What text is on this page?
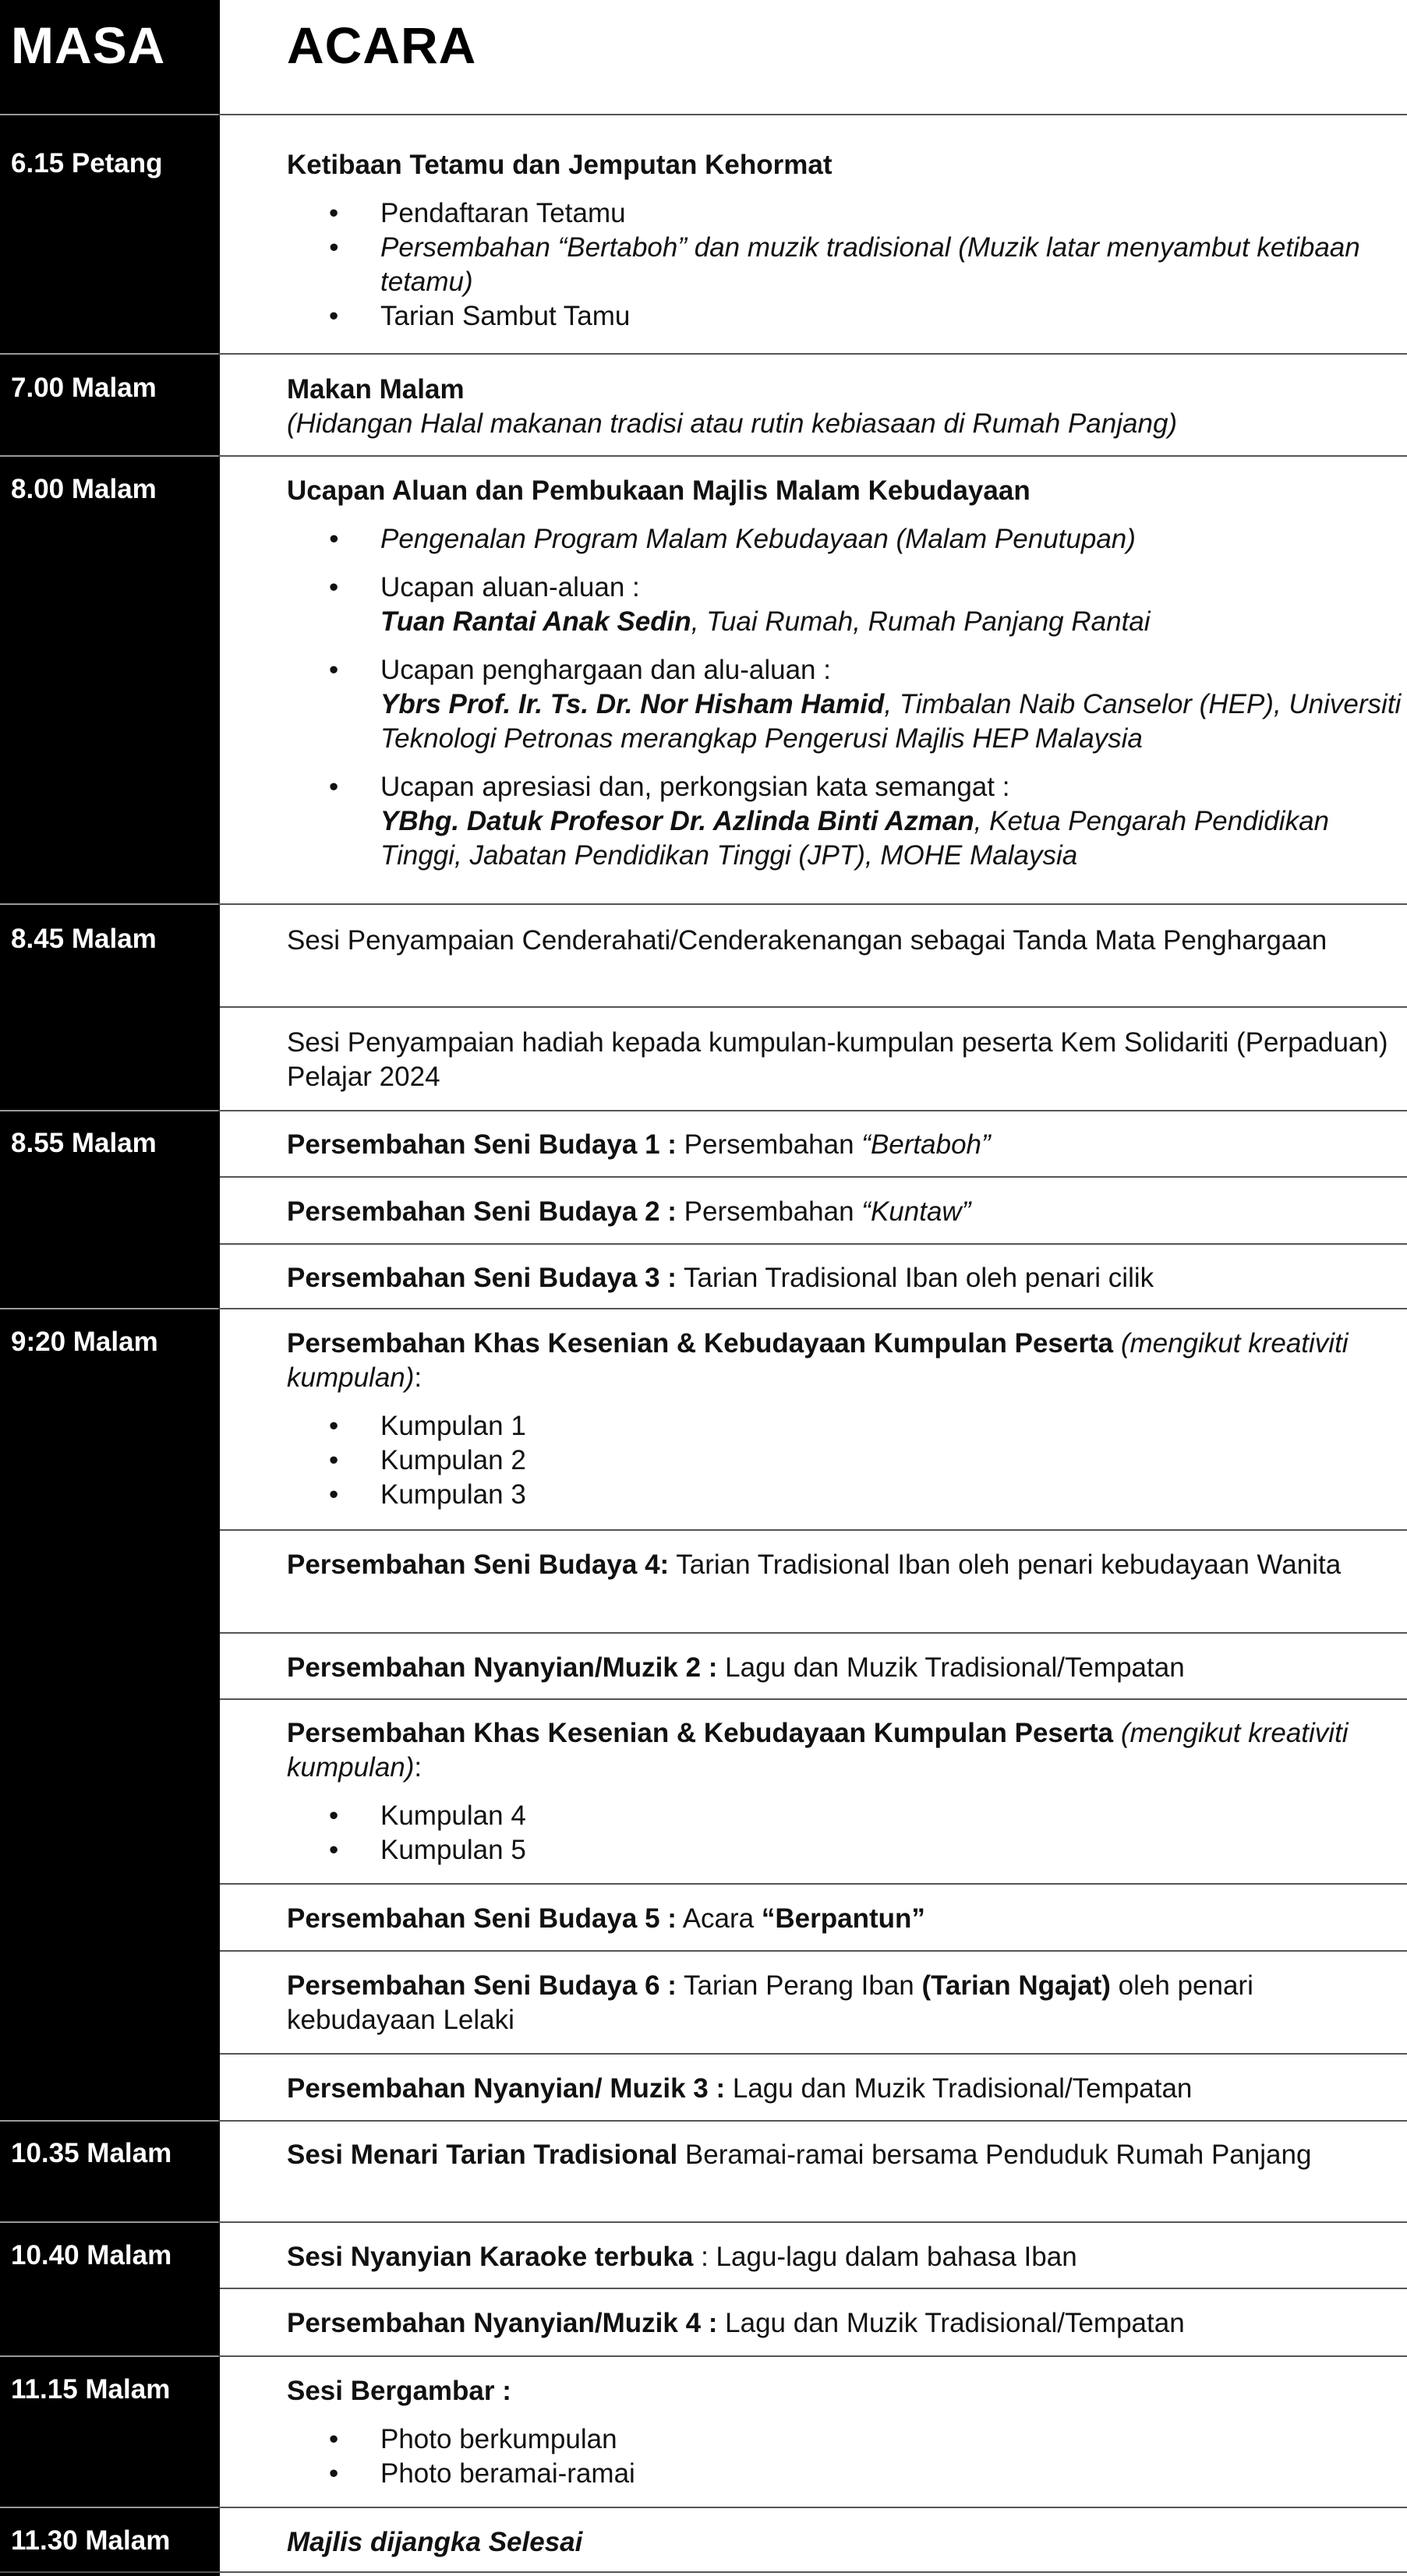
MASA ACARA
6.15 Petang	Ketibaan Tetamu dan Jemputan Kehormat

• Pendaftaran Tetamu
• Persembahan “Bertaboh” dan muzik tradisional (Muzik latar menyambut ketibaan tetamu)
• Tarian Sambut Tamu
7.00 Malam	Makan Malam

(Hidangan Halal makanan tradisi atau rutin kebiasaan di Rumah Panjang)

8.00 Malam	Ucapan Aluan dan Pembukaan Majlis Malam Kebudayaan

• Pengenalan Program Malam Kebudayaan (Malam Penutupan)
• Ucapan aluan-aluan :
Tuan Rantai Anak Sedin, Tuai Rumah, Rumah Panjang Rantai
• Ucapan penghargaan dan alu-aluan :
Ybrs Prof. Ir. Ts. Dr. Nor Hisham Hamid, Timbalan Naib Canselor (HEP), Universiti Teknologi Petronas merangkap Pengerusi Majlis HEP Malaysia
• Ucapan apresiasi dan, perkongsian kata semangat :
YBhg. Datuk Profesor Dr. Azlinda Binti Azman, Ketua Pengarah Pendidikan Tinggi, Jabatan Pendidikan Tinggi (JPT), MOHE Malaysia
8.45 Malam	Sesi Penyampaian Cenderahati/Cenderakenangan sebagai Tanda Mata Penghargaan
Sesi Penyampaian hadiah kepada kumpulan-kumpulan peserta Kem Solidariti (Perpaduan) Pelajar 2024
8.55 Malam	Persembahan Seni Budaya 1 : Persembahan “Bertaboh”
Persembahan Seni Budaya 2 : Persembahan “Kuntaw”
Persembahan Seni Budaya 3 : Tarian Tradisional Iban oleh penari cilik
9:20 Malam	Persembahan Khas Kesenian & Kebudayaan Kumpulan Peserta (mengikut kreativiti kumpulan):

• Kumpulan 1
• Kumpulan 2
• Kumpulan 3
Persembahan Seni Budaya 4: Tarian Tradisional Iban oleh penari kebudayaan Wanita
Persembahan Nyanyian/Muzik 2 : Lagu dan Muzik Tradisional/Tempatan

Persembahan Khas Kesenian & Kebudayaan Kumpulan Peserta (mengikut kreativiti kumpulan):

• Kumpulan 4
• Kumpulan 5
Persembahan Seni Budaya 5 : Acara “Berpantun”
Persembahan Seni Budaya 6 : Tarian Perang Iban (Tarian Ngajat) oleh penari kebudayaan Lelaki
Persembahan Nyanyian/ Muzik 3 : Lagu dan Muzik Tradisional/Tempatan
10.35 Malam	Sesi Menari Tarian Tradisional Beramai-ramai bersama Penduduk Rumah Panjang
10.40 Malam	Sesi Nyanyian Karaoke terbuka : Lagu-lagu dalam bahasa Iban
Persembahan Nyanyian/Muzik 4 : Lagu dan Muzik Tradisional/Tempatan
11.15 Malam	Sesi Bergambar :

• Photo berkumpulan
• Photo beramai-ramai
11.30 Malam	Majlis dijangka Selesai
